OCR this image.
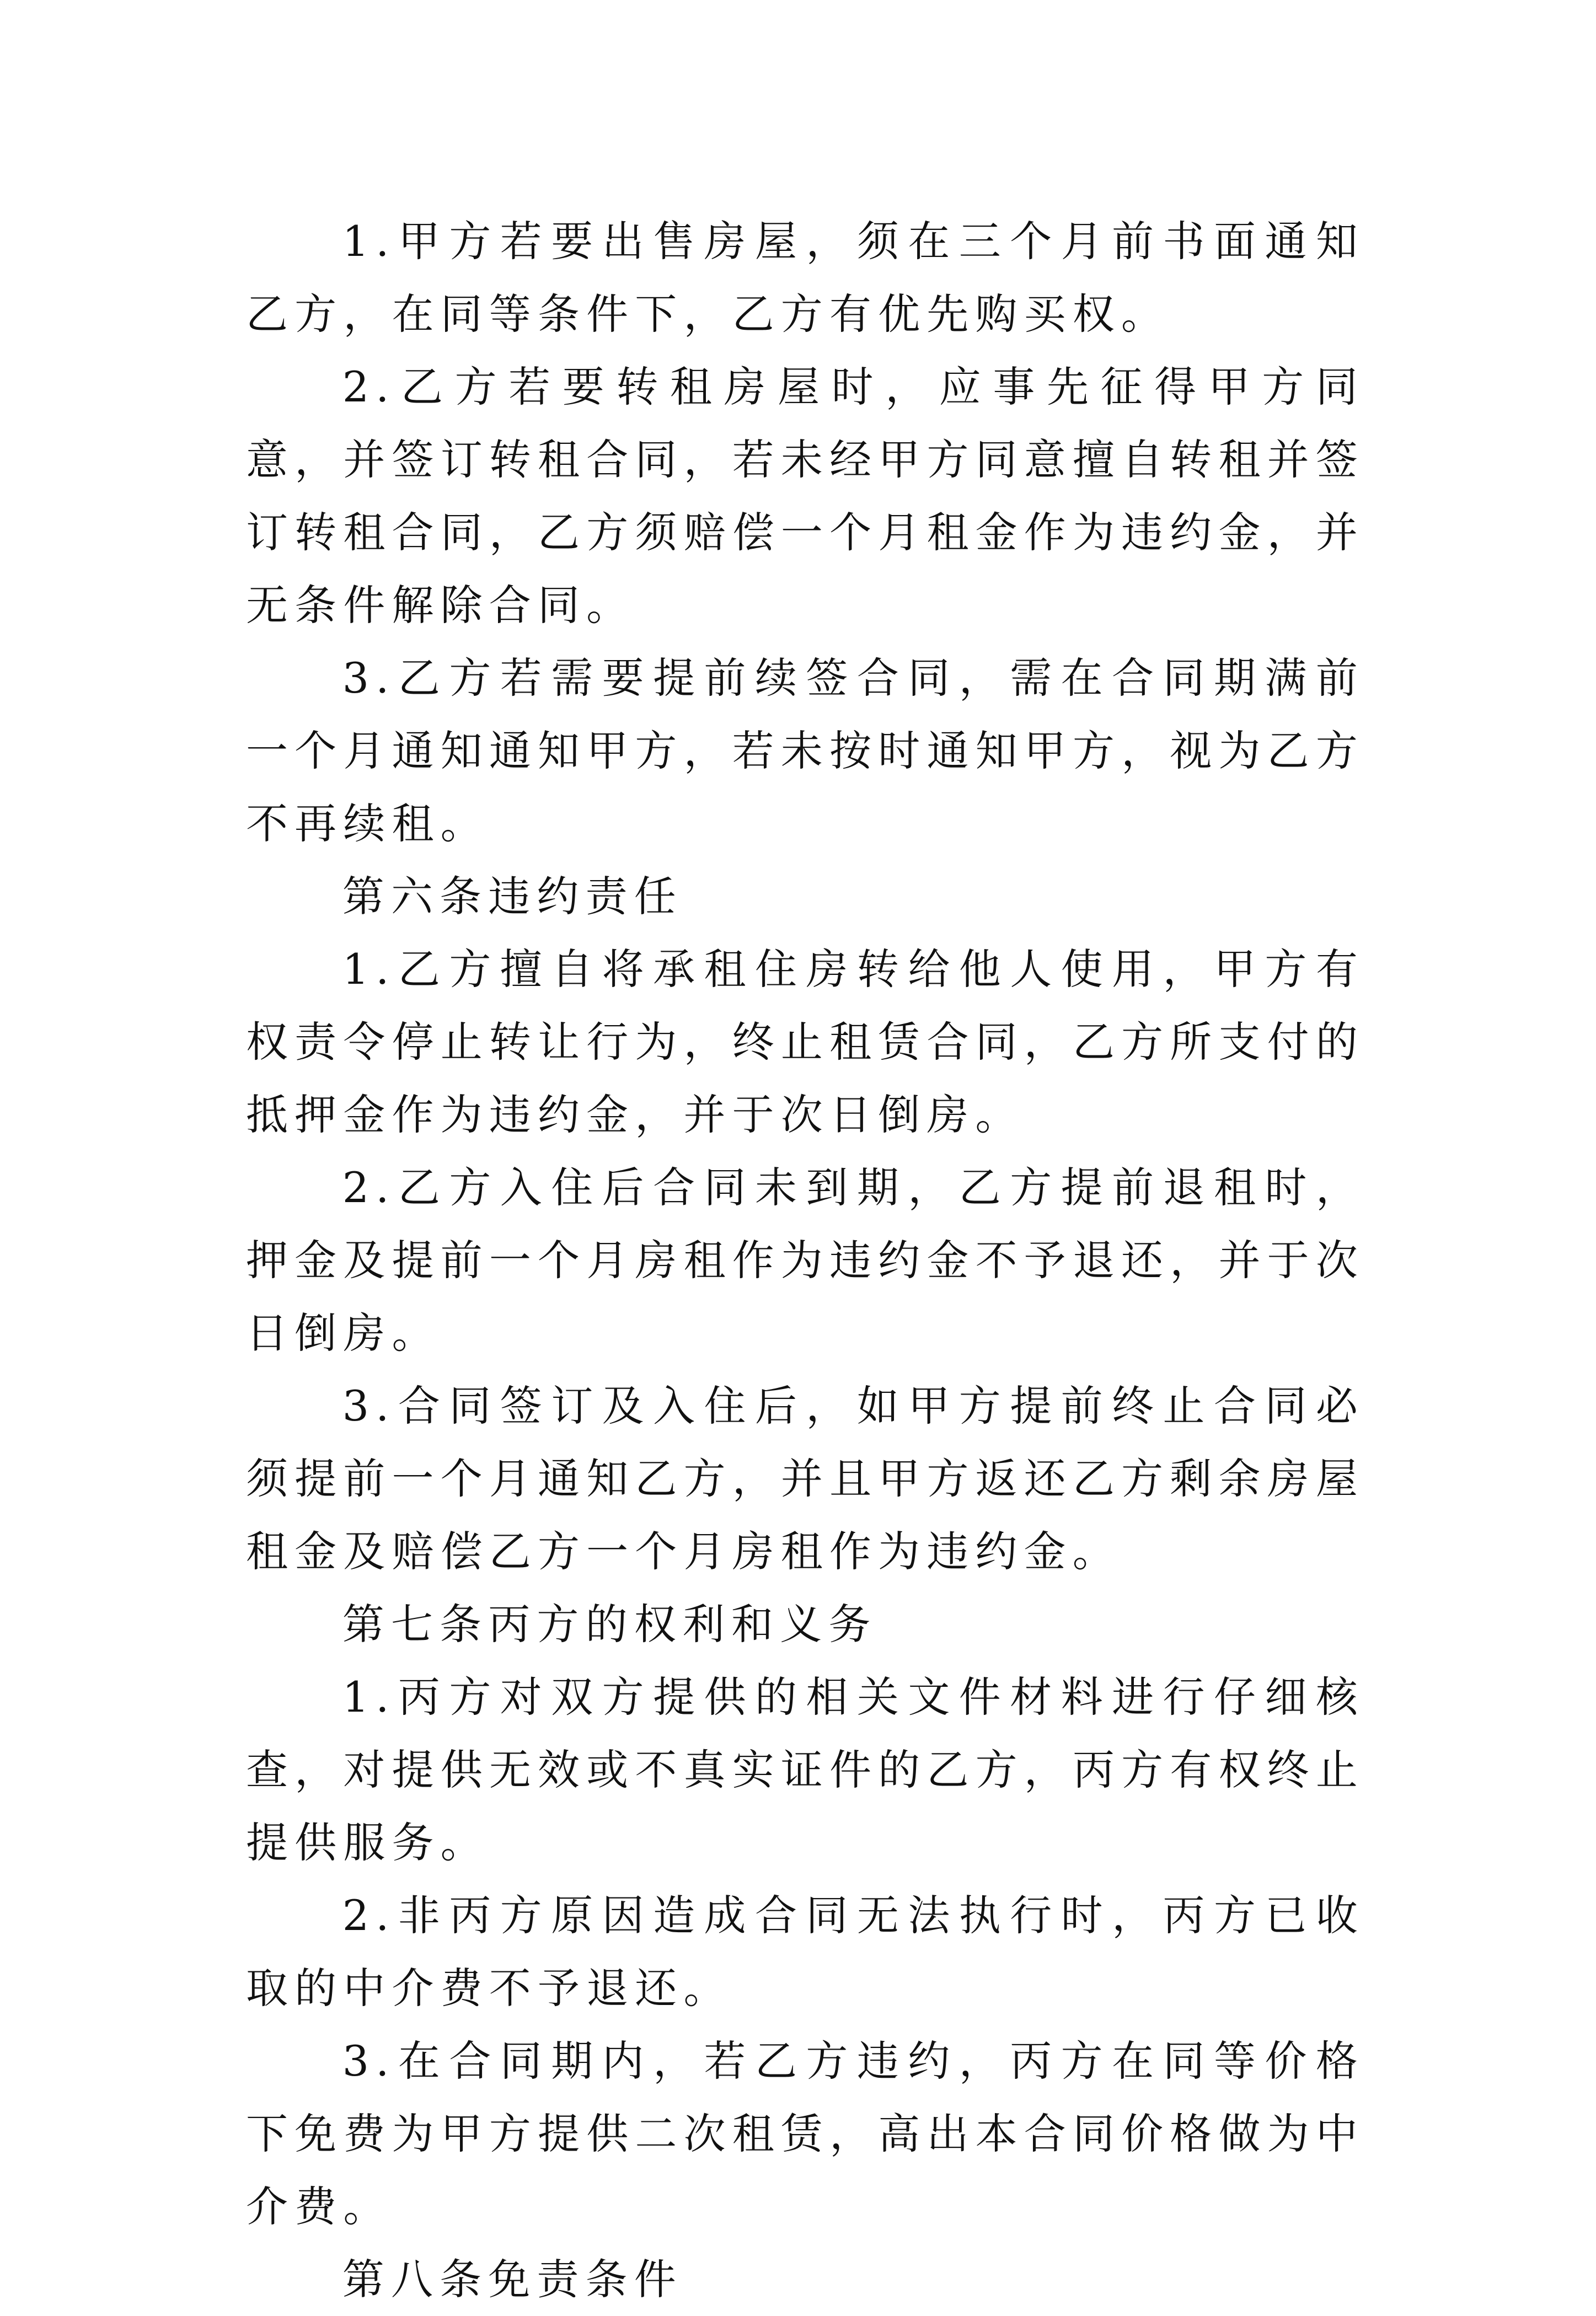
1.甲方若要出售房屋，须在三个月前书面通知乙方，在同等条件下，乙方有优先购买权。

2.乙方若要转租房屋时，应事先征得甲方同意，并签订转租合同，若未经甲方同意擅自转租并签订转租合同，乙方须赔偿一个月租金作为违约金，并无条件解除合同。

3.乙方若需要提前续签合同，需在合同期满前一个月通知通知甲方，若未按时通知甲方，视为乙方不再续租。

第六条违约责任

1.乙方擅自将承租住房转给他人使用，甲方有权责令停止转让行为，终止租赁合同，乙方所支付的抵押金作为违约金，并于次日倒房。

2.乙方入住后合同未到期，乙方提前退租时，押金及提前一个月房租作为违约金不予退还，并于次日倒房。

3.合同签订及入住后，如甲方提前终止合同必须提前一个月通知乙方，并且甲方返还乙方剩余房屋租金及赔偿乙方一个月房租作为违约金。

第七条丙方的权利和义务

1.丙方对双方提供的相关文件材料进行仔细核查，对提供无效或不真实证件的乙方，丙方有权终止提供服务。

2.非丙方原因造成合同无法执行时，丙方已收取的中介费不予退还。

3.在合同期内，若乙方违约，丙方在同等价格下免费为甲方提供二次租赁，高出本合同价格做为中介费。

第八条免责条件
